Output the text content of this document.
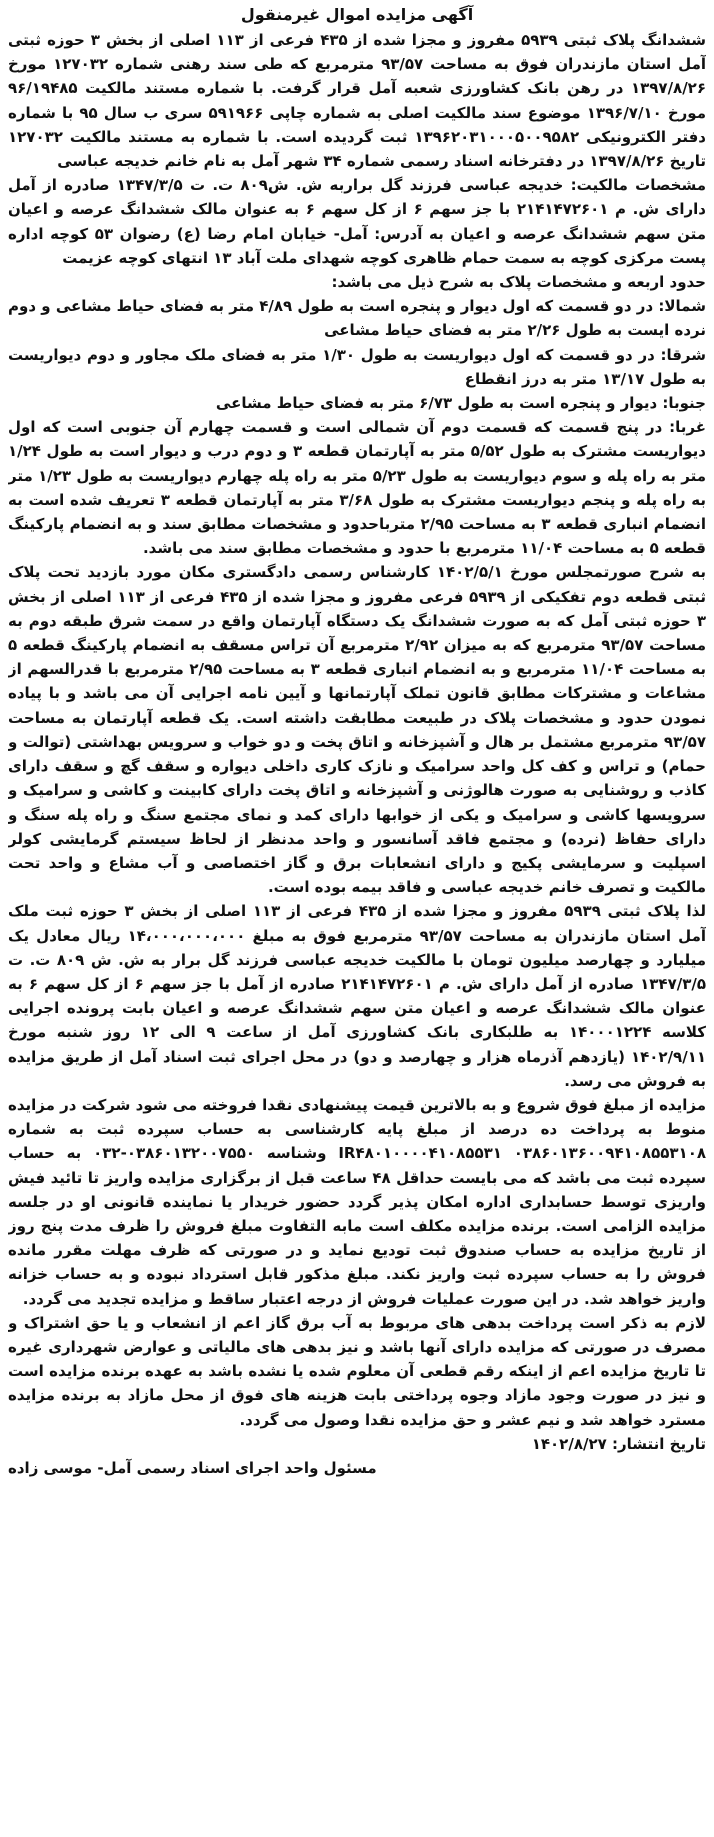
آگهی مزایده اموال غیرمنقول

ششدانگ پلاک ثبتی ۵۹۳۹ مفروز و مجزا شده از ۴۳۵ فرعی از ۱۱۳ اصلی از بخش ۳ حوزه ثبتی آمل استان مازندران فوق به مساحت ۹۳/۵۷ مترمربع که طی سند رهنی شماره ۱۲۷۰۳۲ مورخ ۱۳۹۷/۸/۲۶ در رهن بانک کشاورزی شعبه آمل قرار گرفت. با شماره مستند مالکیت ۹۶/۱۹۴۸۵ مورخ ۱۳۹۶/۷/۱۰ موضوع سند مالکیت اصلی به شماره چاپی ۵۹۱۹۶۶ سری ب سال ۹۵ با شماره دفتر الکترونیکی ۱۳۹۶۲۰۳۱۰۰۰۵۰۰۹۵۸۲ ثبت گردیده است. با شماره به مستند مالکیت ۱۲۷۰۳۲ تاریخ ۱۳۹۷/۸/۲۶ در دفترخانه اسناد رسمی شماره ۳۴ شهر آمل به نام خانم خدیجه عباسی

مشخصات مالکیت: خدیجه عباسی فرزند گل براربه ش. ش۸۰۹ ت. ت ۱۳۴۷/۳/۵ صادره از آمل دارای ش. م ۲۱۴۱۴۷۲۶۰۱ با جز سهم ۶ از کل سهم ۶ به عنوان مالک ششدانگ عرصه و اعیان متن سهم ششدانگ عرصه و اعیان به آدرس: آمل- خیابان امام رضا (ع) رضوان ۵۳ کوچه اداره پست مرکزی کوچه به سمت حمام ظاهری کوچه شهدای ملت آباد ۱۳ انتهای کوچه عزیمت

حدود اربعه و مشخصات پلاک به شرح ذیل می باشد:

شمالا: در دو قسمت که اول دیوار و پنجره است به طول ۴/۸۹ متر به فضای حیاط مشاعی و دوم نرده ایست به طول ۲/۲۶ متر به فضای حیاط مشاعی

شرقا: در دو قسمت که اول دیواریست به طول ۱/۳۰ متر به فضای ملک مجاور و دوم دیواریست به طول ۱۳/۱۷ متر به درز انقطاع

جنوبا: دیوار و پنجره است به طول ۶/۷۳ متر به فضای حیاط مشاعی

غربا: در پنج قسمت که قسمت دوم آن شمالی است و قسمت چهارم آن جنوبی است که اول دیواریست مشترک به طول ۵/۵۲ متر به آپارتمان قطعه ۳ و دوم درب و دیوار است به طول ۱/۲۴ متر به راه پله و سوم دیواریست به طول ۵/۲۳ متر به راه پله چهارم دیواریست به طول ۱/۲۳ متر به راه پله و پنجم دیواریست مشترک به طول ۳/۶۸ متر به آپارتمان قطعه ۳ تعریف شده است به انضمام انباری قطعه ۳ به مساحت ۲/۹۵ مترباحدود و مشخصات مطابق سند و به انضمام پارکینگ قطعه ۵ به مساحت ۱۱/۰۴ مترمربع با حدود و مشخصات مطابق سند می باشد.

به شرح صورتمجلس مورخ ۱۴۰۲/۵/۱ کارشناس رسمی دادگستری مکان مورد بازدید تحت پلاک ثبتی قطعه دوم تفکیکی از ۵۹۳۹ فرعی مفروز و مجزا شده از ۴۳۵ فرعی از ۱۱۳ اصلی از بخش ۳ حوزه ثبتی آمل که به صورت ششدانگ یک دستگاه آپارتمان واقع در سمت شرق طبقه دوم به مساحت ۹۳/۵۷ مترمربع که به میزان ۲/۹۲ مترمربع آن تراس مسقف به انضمام پارکینگ قطعه ۵ به مساحت ۱۱/۰۴ مترمربع و به انضمام انباری قطعه ۳ به مساحت ۲/۹۵ مترمربع با قدرالسهم از مشاعات و مشترکات مطابق قانون تملک آپارتمانها و آیین نامه اجرایی آن می باشد و با پیاده نمودن حدود و مشخصات پلاک در طبیعت مطابقت داشته است. یک قطعه آپارتمان به مساحت ۹۳/۵۷ مترمربع مشتمل بر هال و آشپزخانه و اتاق پخت و دو خواب و سرویس بهداشتی (توالت و حمام) و تراس و کف کل واحد سرامیک و نازک کاری داخلی دیواره و سقف گچ و سقف دارای کاذب و روشنایی به صورت هالوژنی و آشپزخانه و اتاق پخت دارای کابینت و کاشی و سرامیک و سرویسها کاشی و سرامیک و یکی از خوابها دارای کمد و نمای مجتمع سنگ و راه پله سنگ و دارای حفاظ (نرده) و مجتمع فاقد آسانسور و واحد مدنظر از لحاظ سیستم گرمایشی کولر اسپلیت و سرمایشی پکیج و دارای انشعابات برق و گاز اختصاصی و آب مشاع و واحد تحت مالکیت و تصرف خانم خدیجه عباسی و فاقد بیمه بوده است.

لذا پلاک ثبتی ۵۹۳۹ مفروز و مجزا شده از ۴۳۵ فرعی از ۱۱۳ اصلی از بخش ۳ حوزه ثبت ملک آمل استان مازندران به مساحت ۹۳/۵۷ مترمربع فوق به مبلغ ۱۴،۰۰۰،۰۰۰،۰۰۰ ریال معادل یک میلیارد و چهارصد میلیون تومان با مالکیت خدیجه عباسی فرزند گل برار به ش. ش ۸۰۹ ت. ت ۱۳۴۷/۳/۵ صادره از آمل دارای ش. م ۲۱۴۱۴۷۲۶۰۱ صادره از آمل با جز سهم ۶ از کل سهم ۶ به عنوان مالک ششدانگ عرصه و اعیان متن سهم ششدانگ عرصه و اعیان بابت پرونده اجرایی کلاسه ۱۴۰۰۰۱۲۲۴ به طلبکاری بانک کشاورزی آمل از ساعت ۹ الی ۱۲ روز شنبه مورخ ۱۴۰۲/۹/۱۱ (یازدهم آذرماه هزار و چهارصد و دو) در محل اجرای ثبت اسناد آمل از طریق مزایده به فروش می رسد.

مزایده از مبلغ فوق شروع و به بالاترین قیمت پیشنهادی نقدا فروخته می شود شرکت در مزایده منوط به پرداخت ده درصد از مبلغ پایه کارشناسی به حساب سپرده ثبت به شماره ۰۳۸۶۰۱۳۶۰۰۹۴۱۰۸۵۵۳۱۰۸ IR۴۸۰۱۰۰۰۰۴۱۰۸۵۵۳۱ وشناسه ۰۳۸۶۰۱۳۲۰۰۷۵۵۰-۰۳۲ به حساب سپرده ثبت می باشد که می بایست حداقل ۴۸ ساعت قبل از برگزاری مزایده واریز تا تائید فیش واریزی توسط حسابداری اداره امکان پذیر گردد حضور خریدار یا نماینده قانونی او در جلسه مزایده الزامی است. برنده مزایده مکلف است مابه التفاوت مبلغ فروش را ظرف مدت پنج روز از تاریخ مزایده به حساب صندوق ثبت تودیع نماید و در صورتی که ظرف مهلت مقرر مانده فروش را به حساب سپرده ثبت واریز نکند. مبلغ مذکور قابل استرداد نبوده و به حساب خزانه واریز خواهد شد. در این صورت عملیات فروش از درجه اعتبار ساقط و مزایده تجدید می گردد.

لازم به ذکر است پرداخت بدهی های مربوط به آب برق گاز اعم از انشعاب و یا حق اشتراک و مصرف در صورتی که مزایده دارای آنها باشد و نیز بدهی های مالیاتی و عوارض شهرداری غیره تا تاریخ مزایده اعم از اینکه رقم قطعی آن معلوم شده یا نشده باشد به عهده برنده مزایده است و نیز در صورت وجود مازاد وجوه پرداختی بابت هزینه های فوق از محل مازاد به برنده مزایده مسترد خواهد شد و نیم عشر و حق مزایده نقدا وصول می گردد.

تاریخ انتشار: ۱۴۰۲/۸/۲۷
مسئول واحد اجرای اسناد رسمی آمل- موسی زاده
